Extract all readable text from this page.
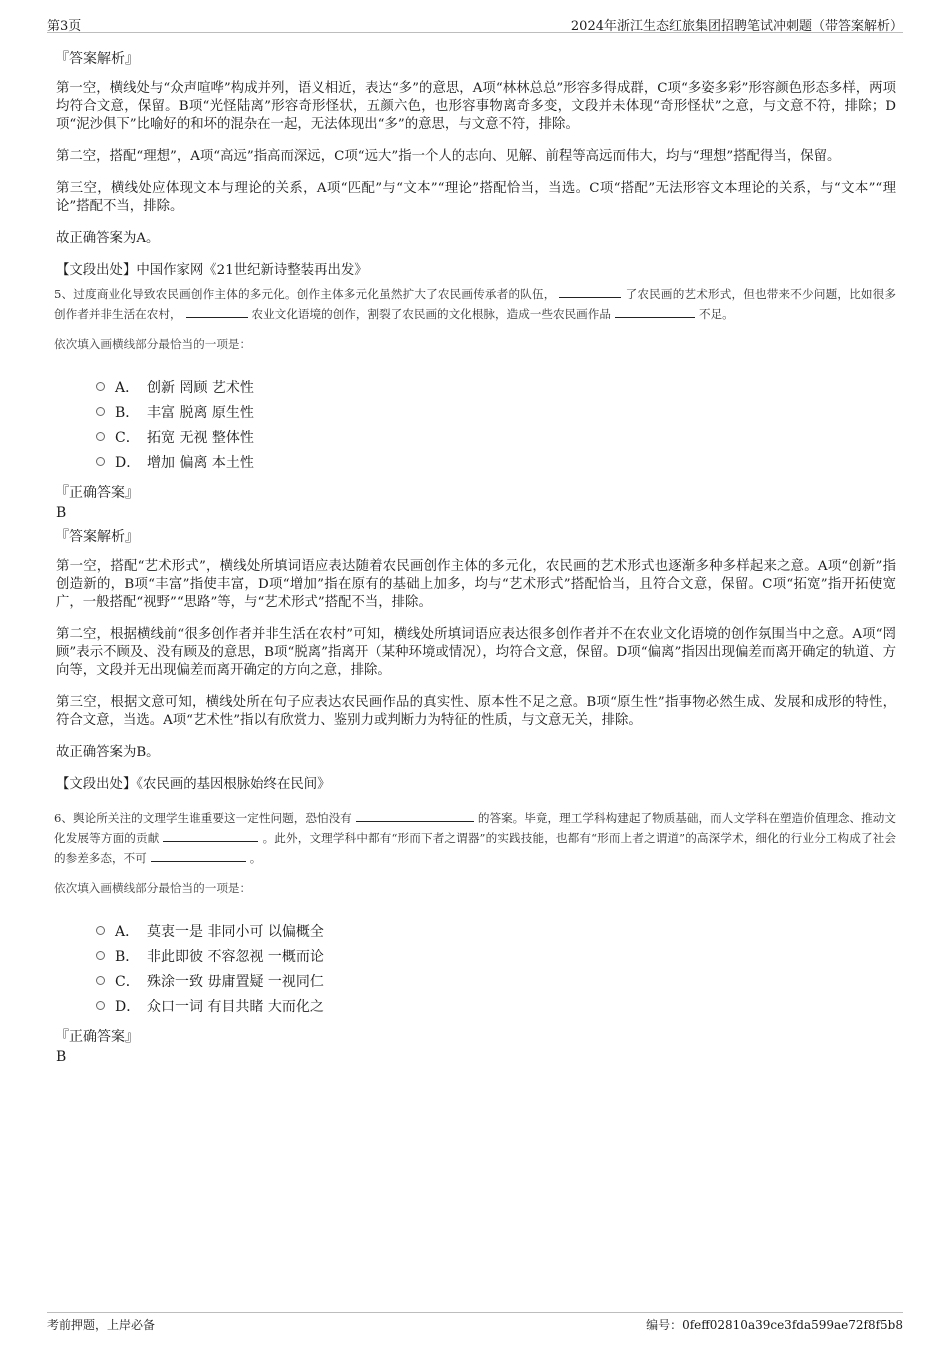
第3页	2024年浙江生态红旅集团招聘笔试冲刺题（带答案解析）
『答案解析』
第一空，横线处与“众声喧哗”构成并列，语义相近，表达“多”的意思，A项“林林总总”形容多得成群，C项“多姿多彩”形容颜色形态多样，两项均符合文意，保留。B项“光怪陆离”形容奇形怪状，五颜六色，也形容事物离奇多变，文段并未体现“奇形怪状”之意，与文意不符，排除；D项“泥沙俱下”比喻好的和坏的混杂在一起，无法体现出“多”的意思，与文意不符，排除。
第二空，搭配“理想”，A项“高远”指高而深远，C项“远大”指一个人的志向、见解、前程等高远而伟大，均与“理想”搭配得当，保留。
第三空，横线处应体现文本与理论的关系，A项“匹配”与“文本”“理论”搭配恰当，当选。C项“搭配”无法形容文本理论的关系，与“文本”“理论”搭配不当，排除。
故正确答案为A。
【文段出处】中国作家网《21世纪新诗整装再出发》
5、过度商业化导致农民画创作主体的多元化。创作主体多元化虽然扩大了农民画传承者的队伍，	了农民画的艺术形式，但也带来不少问题，比如很多创作者并非生活在农村，	农业文化语境的创作，割裂了农民画的文化根脉，造成一些农民画作品	不足。
依次填入画横线部分最恰当的一项是：
A． 创新 罔顾 艺术性
B． 丰富 脱离 原生性
C． 拓宽 无视 整体性
D． 增加 偏离 本土性
『正确答案』
B
『答案解析』
第一空，搭配“艺术形式”，横线处所填词语应表达随着农民画创作主体的多元化，农民画的艺术形式也逐渐多种多样起来之意。A项“创新”指创造新的，B项“丰富”指使丰富，D项“增加”指在原有的基础上加多，均与“艺术形式”搭配恰当，且符合文意，保留。C项“拓宽”指开拓使宽广，一般搭配“视野”“思路”等，与“艺术形式”搭配不当，排除。
第二空，根据横线前“很多创作者并非生活在农村”可知，横线处所填词语应表达很多创作者并不在农业文化语境的创作氛围当中之意。A项“罔顾”表示不顾及、没有顾及的意思，B项“脱离”指离开（某种环境或情况），均符合文意，保留。D项“偏离”指因出现偏差而离开确定的轨道、方向等，文段并无出现偏差而离开确定的方向之意，排除。
第三空，根据文意可知，横线处所在句子应表达农民画作品的真实性、原本性不足之意。B项“原生性”指事物必然生成、发展和成形的特性，符合文意，当选。A项“艺术性”指以有欣赏力、鉴别力或判断力为特征的性质，与文意无关，排除。
故正确答案为B。
【文段出处】《农民画的基因根脉始终在民间》
6、舆论所关注的文理学生谁重要这一定性问题，恐怕没有	的答案。毕竟，理工学科构建起了物质基础，而人文学科在塑造价值理念、推动文化发展等方面的贡献	。此外，文理学科中都有“形而下者之谓器”的实践技能，也都有“形而上者之谓道”的高深学术，细化的行业分工构成了社会的参差多态，不可	。
依次填入画横线部分最恰当的一项是：
A． 莫衷一是 非同小可 以偏概全
B． 非此即彼 不容忽视 一概而论
C． 殊涂一致 毋庸置疑 一视同仁
D． 众口一词 有目共睹 大而化之
『正确答案』
B
考前押题，上岸必备	编号：0feff02810a39ce3fda599ae72f8f5b8
